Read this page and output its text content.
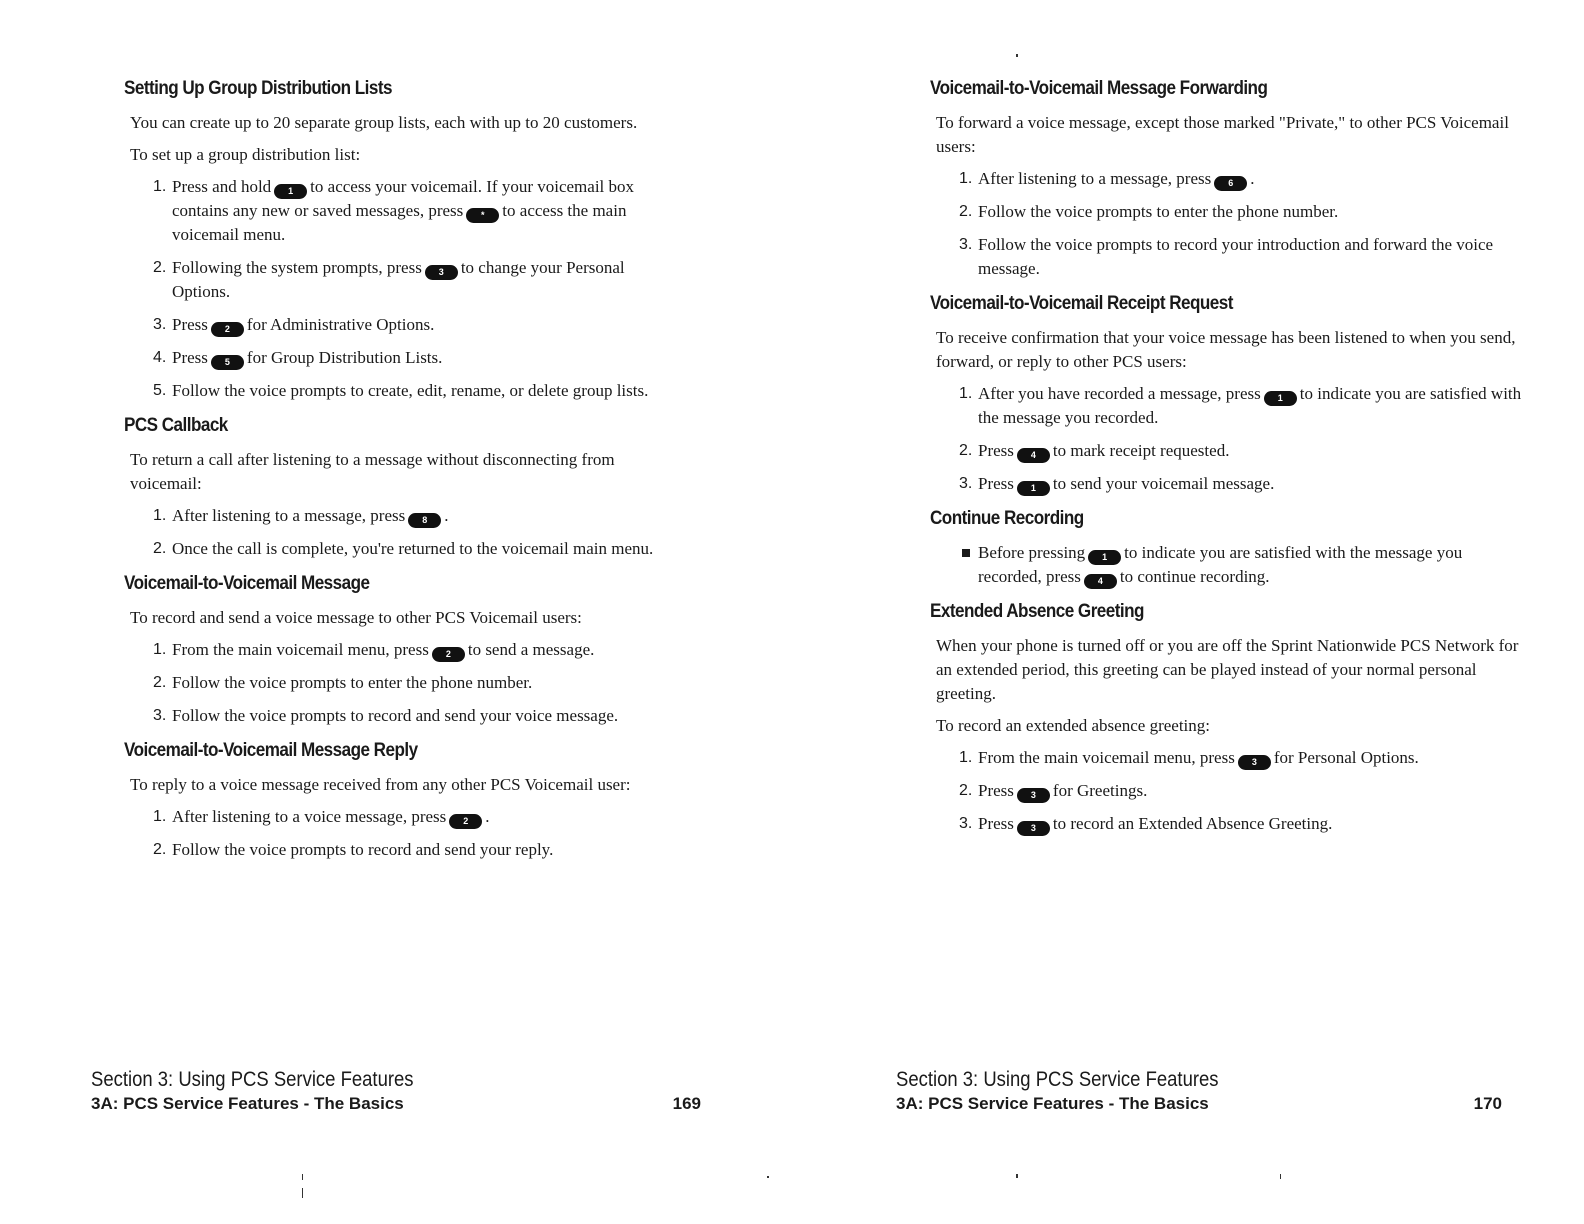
Setting Up Group Distribution Lists

You can create up to 20 separate group lists, each with up to 20 customers.

To set up a group distribution list:

1. Press and hold 1 to access your voicemail. If your voicemail box contains any new or saved messages, press * to access the main voicemail menu.
2. Following the system prompts, press 3 to change your Personal Options.
3. Press 2 for Administrative Options.
4. Press 5 for Group Distribution Lists.
5. Follow the voice prompts to create, edit, rename, or delete group lists.
PCS Callback

To return a call after listening to a message without disconnecting from voicemail:

1. After listening to a message, press 8 .
2. Once the call is complete, you're returned to the voicemail main menu.
Voicemail-to-Voicemail Message

To record and send a voice message to other PCS Voicemail users:

1. From the main voicemail menu, press 2 to send a message.
2. Follow the voice prompts to enter the phone number.
3. Follow the voice prompts to record and send your voice message.
Voicemail-to-Voicemail Message Reply

To reply to a voice message received from any other PCS Voicemail user:

1. After listening to a voice message, press 2 .
2. Follow the voice prompts to record and send your reply.
Section 3: Using PCS Service Features
3A: PCS Service Features - The Basics	169
Voicemail-to-Voicemail Message Forwarding

To forward a voice message, except those marked "Private," to other PCS Voicemail users:

1. After listening to a message, press 6 .
2. Follow the voice prompts to enter the phone number.
3. Follow the voice prompts to record your introduction and forward the voice message.
Voicemail-to-Voicemail Receipt Request

To receive confirmation that your voice message has been listened to when you send, forward, or reply to other PCS users:

1. After you have recorded a message, press 1 to indicate you are satisfied with the message you recorded.
2. Press 4 to mark receipt requested.
3. Press 1 to send your voicemail message.
Continue Recording
Before pressing 1 to indicate you are satisfied with the message you recorded, press 4 to continue recording.
Extended Absence Greeting

When your phone is turned off or you are off the Sprint Nationwide PCS Network for an extended period, this greeting can be played instead of your normal personal greeting.

To record an extended absence greeting:

1. From the main voicemail menu, press 3 for Personal Options.
2. Press 3 for Greetings.
3. Press 3 to record an Extended Absence Greeting.
Section 3: Using PCS Service Features
3A: PCS Service Features - The Basics	170
